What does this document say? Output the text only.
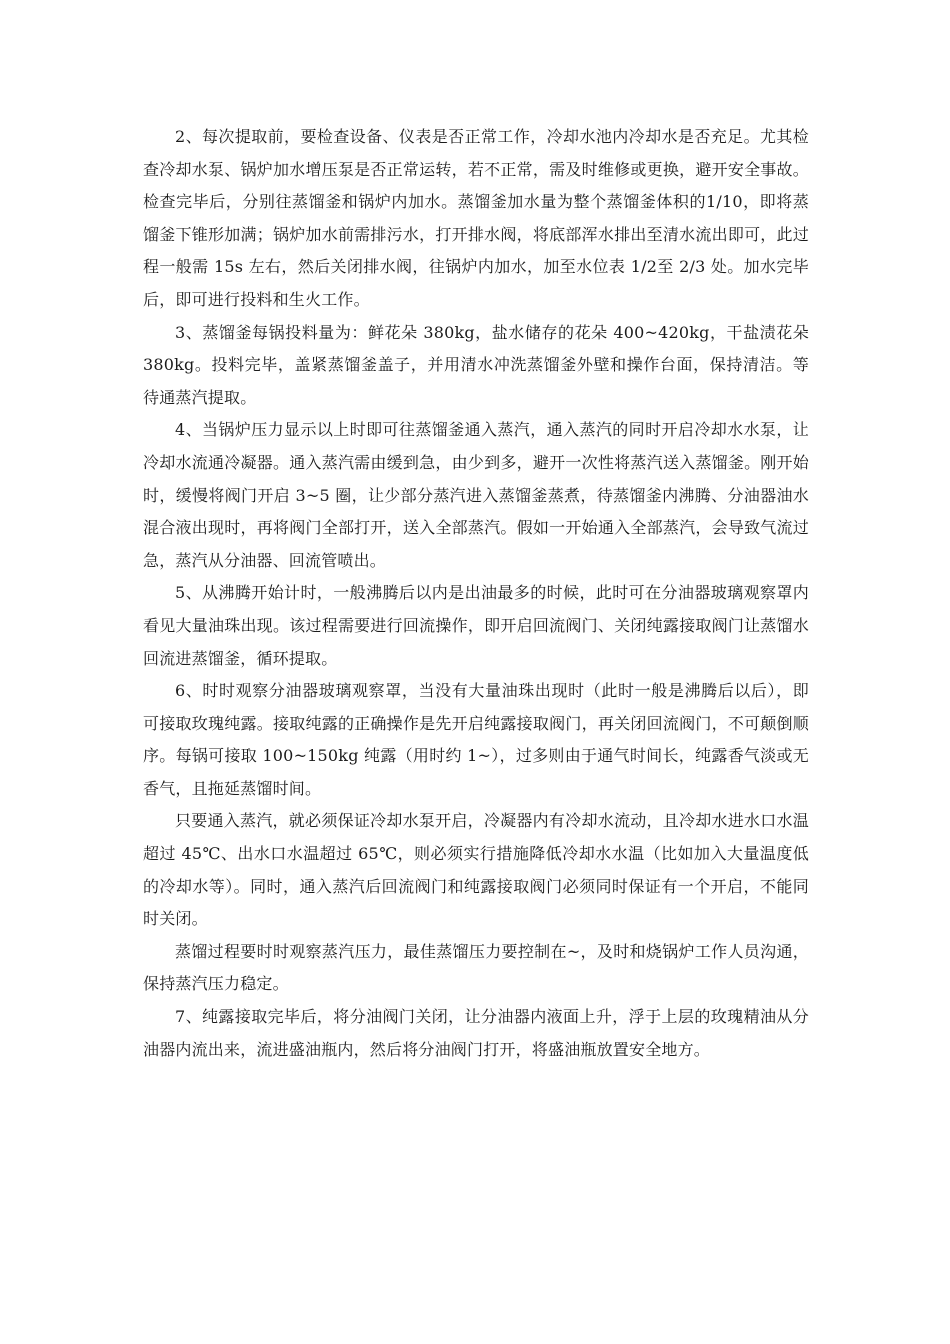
2、每次提取前，要检查设备、仪表是否正常工作，冷却水池内冷却水是否充足。尤其检查冷却水泵、锅炉加水增压泵是否正常运转，若不正常，需及时维修或更换，避开安全事故。检查完毕后，分别往蒸馏釜和锅炉内加水。蒸馏釜加水量为整个蒸馏釜体积的1/10，即将蒸馏釜下锥形加满；锅炉加水前需排污水，打开排水阀，将底部浑水排出至清水流出即可，此过程一般需 15s 左右，然后关闭排水阀，往锅炉内加水，加至水位表 1/2至 2/3 处。加水完毕后，即可进行投料和生火工作。

3、蒸馏釜每锅投料量为：鲜花朵 380kg，盐水储存的花朵 400~420kg，干盐渍花朵 380kg。投料完毕，盖紧蒸馏釜盖子，并用清水冲洗蒸馏釜外壁和操作台面，保持清洁。等待通蒸汽提取。

4、当锅炉压力显示以上时即可往蒸馏釜通入蒸汽，通入蒸汽的同时开启冷却水水泵，让冷却水流通冷凝器。通入蒸汽需由缓到急，由少到多，避开一次性将蒸汽送入蒸馏釜。刚开始时，缓慢将阀门开启 3~5 圈，让少部分蒸汽进入蒸馏釜蒸煮，待蒸馏釜内沸腾、分油器油水混合液出现时，再将阀门全部打开，送入全部蒸汽。假如一开始通入全部蒸汽，会导致气流过急，蒸汽从分油器、回流管喷出。

5、从沸腾开始计时，一般沸腾后以内是出油最多的时候，此时可在分油器玻璃观察罩内看见大量油珠出现。该过程需要进行回流操作，即开启回流阀门、关闭纯露接取阀门让蒸馏水回流进蒸馏釜，循环提取。

6、时时观察分油器玻璃观察罩，当没有大量油珠出现时（此时一般是沸腾后以后），即可接取玫瑰纯露。接取纯露的正确操作是先开启纯露接取阀门，再关闭回流阀门，不可颠倒顺序。每锅可接取 100~150kg 纯露（用时约 1~），过多则由于通气时间长，纯露香气淡或无香气，且拖延蒸馏时间。

只要通入蒸汽，就必须保证冷却水泵开启，冷凝器内有冷却水流动，且冷却水进水口水温超过 45℃、出水口水温超过 65℃，则必须实行措施降低冷却水水温（比如加入大量温度低的冷却水等）。同时，通入蒸汽后回流阀门和纯露接取阀门必须同时保证有一个开启，不能同时关闭。

蒸馏过程要时时观察蒸汽压力，最佳蒸馏压力要控制在~，及时和烧锅炉工作人员沟通，保持蒸汽压力稳定。

7、纯露接取完毕后，将分油阀门关闭，让分油器内液面上升，浮于上层的玫瑰精油从分油器内流出来，流进盛油瓶内，然后将分油阀门打开，将盛油瓶放置安全地方。
